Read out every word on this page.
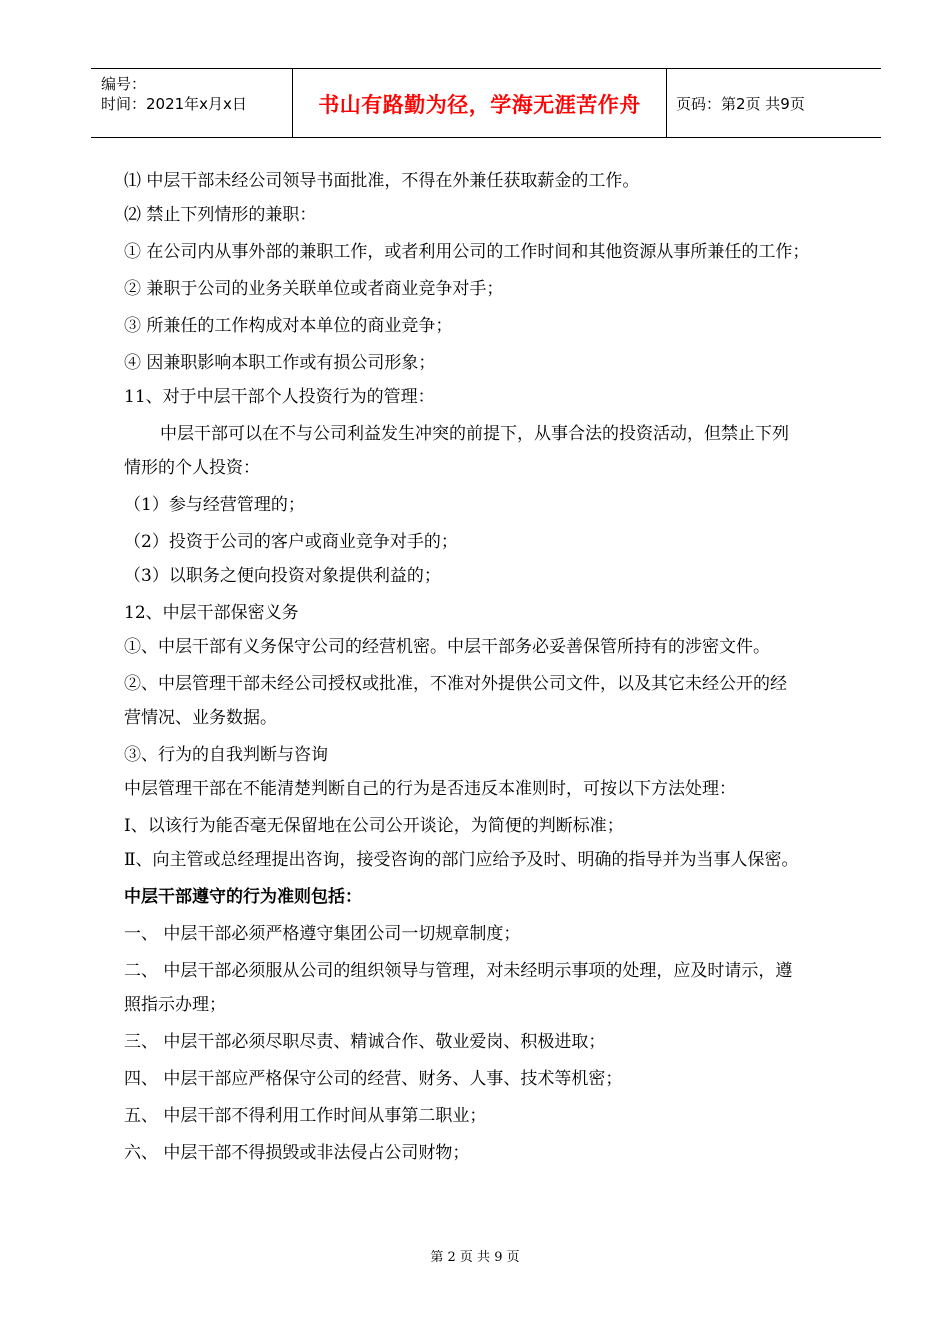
编号：
时间：2021年x月x日	书山有路勤为径，学海无涯苦作舟	页码：第2页 共9页
⑴ 中层干部未经公司领导书面批准，不得在外兼任获取薪金的工作。
⑵ 禁止下列情形的兼职：
① 在公司内从事外部的兼职工作，或者利用公司的工作时间和其他资源从事所兼任的工作；
② 兼职于公司的业务关联单位或者商业竞争对手；
③ 所兼任的工作构成对本单位的商业竞争；
④ 因兼职影响本职工作或有损公司形象；
11、对于中层干部个人投资行为的管理：
中层干部可以在不与公司利益发生冲突的前提下，从事合法的投资活动，但禁止下列
情形的个人投资：
（1）参与经营管理的；
（2）投资于公司的客户或商业竞争对手的；
（3）以职务之便向投资对象提供利益的；
12、中层干部保密义务
①、中层干部有义务保守公司的经营机密。中层干部务必妥善保管所持有的涉密文件。
②、中层管理干部未经公司授权或批准，不准对外提供公司文件，以及其它未经公开的经
营情况、业务数据。
③、行为的自我判断与咨询
中层管理干部在不能清楚判断自己的行为是否违反本准则时，可按以下方法处理：
Ⅰ、以该行为能否毫无保留地在公司公开谈论，为简便的判断标准；
Ⅱ、向主管或总经理提出咨询，接受咨询的部门应给予及时、明确的指导并为当事人保密。
中层干部遵守的行为准则包括：
一、 中层干部必须严格遵守集团公司一切规章制度；
二、 中层干部必须服从公司的组织领导与管理，对未经明示事项的处理，应及时请示，遵
照指示办理；
三、 中层干部必须尽职尽责、精诚合作、敬业爱岗、积极进取；
四、 中层干部应严格保守公司的经营、财务、人事、技术等机密；
五、 中层干部不得利用工作时间从事第二职业；
六、 中层干部不得损毁或非法侵占公司财物；
第 2 页 共 9 页
